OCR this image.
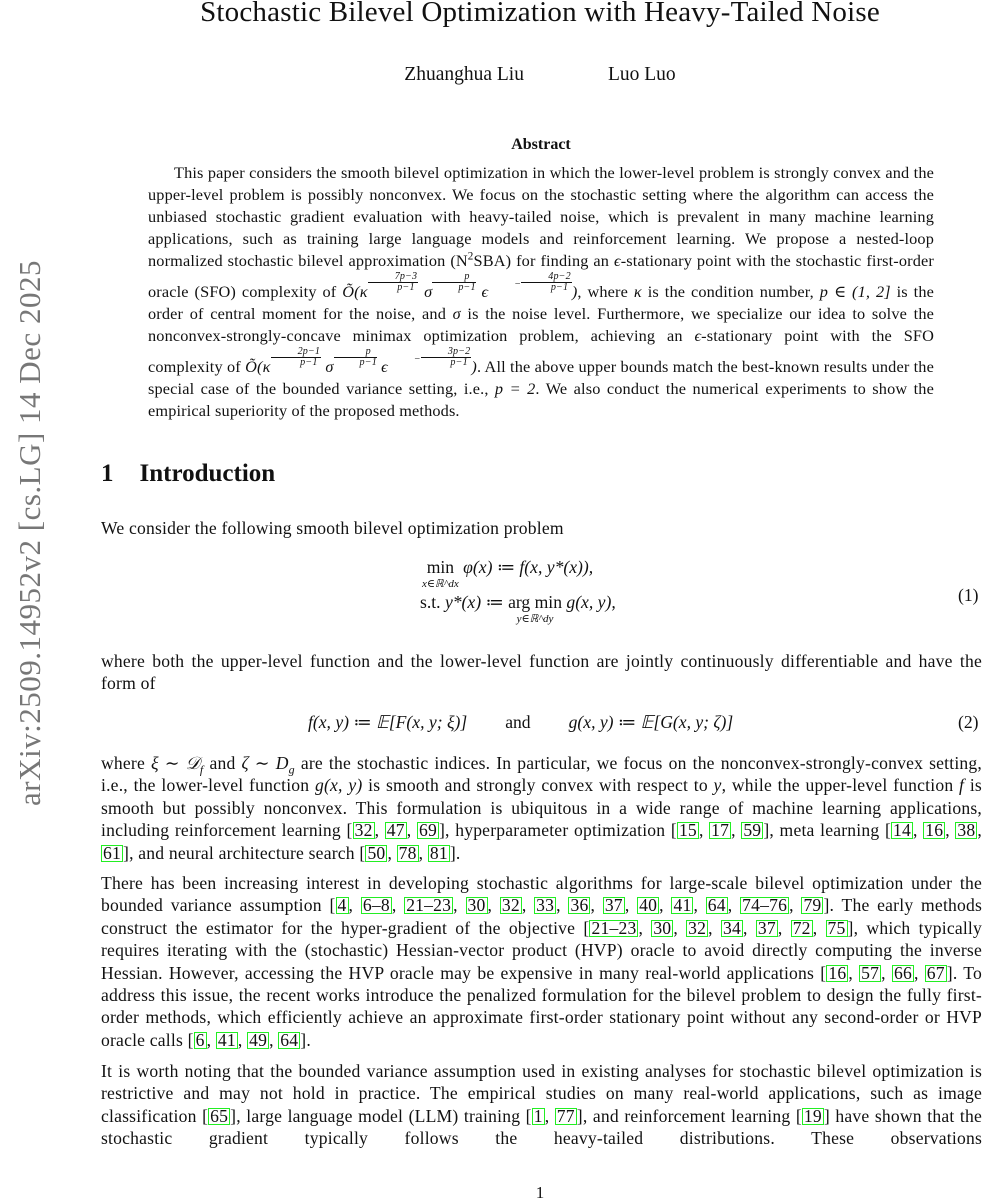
arXiv:2509.14952v2 [cs.LG] 14 Dec 2025
Stochastic Bilevel Optimization with Heavy-Tailed Noise
Zhuanghua Liu	Luo Luo
Abstract
This paper considers the smooth bilevel optimization in which the lower-level problem is strongly convex and the upper-level problem is possibly nonconvex. We focus on the stochastic setting where the algorithm can access the unbiased stochastic gradient evaluation with heavy-tailed noise, which is prevalent in many machine learning applications, such as training large language models and reinforcement learning. We propose a nested-loop normalized stochastic bilevel approximation $(N^2SBA)$ for finding an ϵ-stationary point with the stochastic first-order oracle (SFO) complexity of Õ(κ $\frac{7p-3}{p-1}$ σ $\frac{p}{p-1}$ ϵ	− $\frac{4p-2}{p-1}$ ), where κ is the condition number, p ∈ (1, 2] is the order of central moment for the noise, and σ is the noise level. Furthermore, we specialize our idea to solve the nonconvex-strongly-concave minimax optimization problem, achieving an ϵ-stationary point with the SFO complexity of Õ(κ $\frac{2p-1}{p-1}$ σ $\frac{p}{p-1}$ ϵ	− $\frac{3p-2}{p-1}$ ). All the above upper bounds match the best-known results under the special case of the bounded variance setting, i.e., p = 2. We also conduct the numerical experiments to show the empirical superiority of the proposed methods.
1 Introduction
We consider the following smooth bilevel optimization problem
min
x∈ℝ^dx
φ(x) ≔ f(x, y*(x)),
s.t. y*(x) ≔ arg min
y∈ℝ^dy
g(x, y),	(1)
where both the upper-level function and the lower-level function are jointly continuously differentiable and have the form of
f(x, y) ≔ 𝔼[F(x, y; ξ)] and g(x, y) ≔ 𝔼[G(x, y; ζ)]	(2)
where ξ ∼ 𝒟$_f$ and ζ ∼ $D_g$ are the stochastic indices. In particular, we focus on the nonconvex-strongly-convex setting, i.e., the lower-level function g(x, y) is smooth and strongly convex with respect to y, while the upper-level function f is smooth but possibly nonconvex. This formulation is ubiquitous in a wide range of machine learning applications, including reinforcement learning [ 32 , 47 , 69 ], hyperparameter optimization [ 15 , 17 , 59 ], meta learning [ 14 , 16 , 38 , 61 ], and neural architecture search [ 50 , 78 , 81 ].
There has been increasing interest in developing stochastic algorithms for large-scale bilevel optimization under the bounded variance assumption [ 4 , 6–8 , 21–23 , 30 , 32 , 33 , 36 , 37 , 40 , 41 , 64 , 74–76 , 79 ]. The early methods construct the estimator for the hyper-gradient of the objective [ 21–23 , 30 , 32 , 34 , 37 , 72 , 75 ], which typically requires iterating with the (stochastic) Hessian-vector product (HVP) oracle to avoid directly computing the inverse Hessian. However, accessing the HVP oracle may be expensive in many real-world applications [ 16 , 57 , 66 , 67 ]. To address this issue, the recent works introduce the penalized formulation for the bilevel problem to design the fully first-order methods, which efficiently achieve an approximate first-order stationary point without any second-order or HVP oracle calls [ 6 , 41 , 49 , 64 ].
It is worth noting that the bounded variance assumption used in existing analyses for stochastic bilevel optimization is restrictive and may not hold in practice. The empirical studies on many real-world applications, such as image classification [ 65 ], large language model (LLM) training [ 1 , 77 ], and reinforcement learning [ 19 ] have shown that the stochastic gradient typically follows the heavy-tailed distributions. These observations
1
